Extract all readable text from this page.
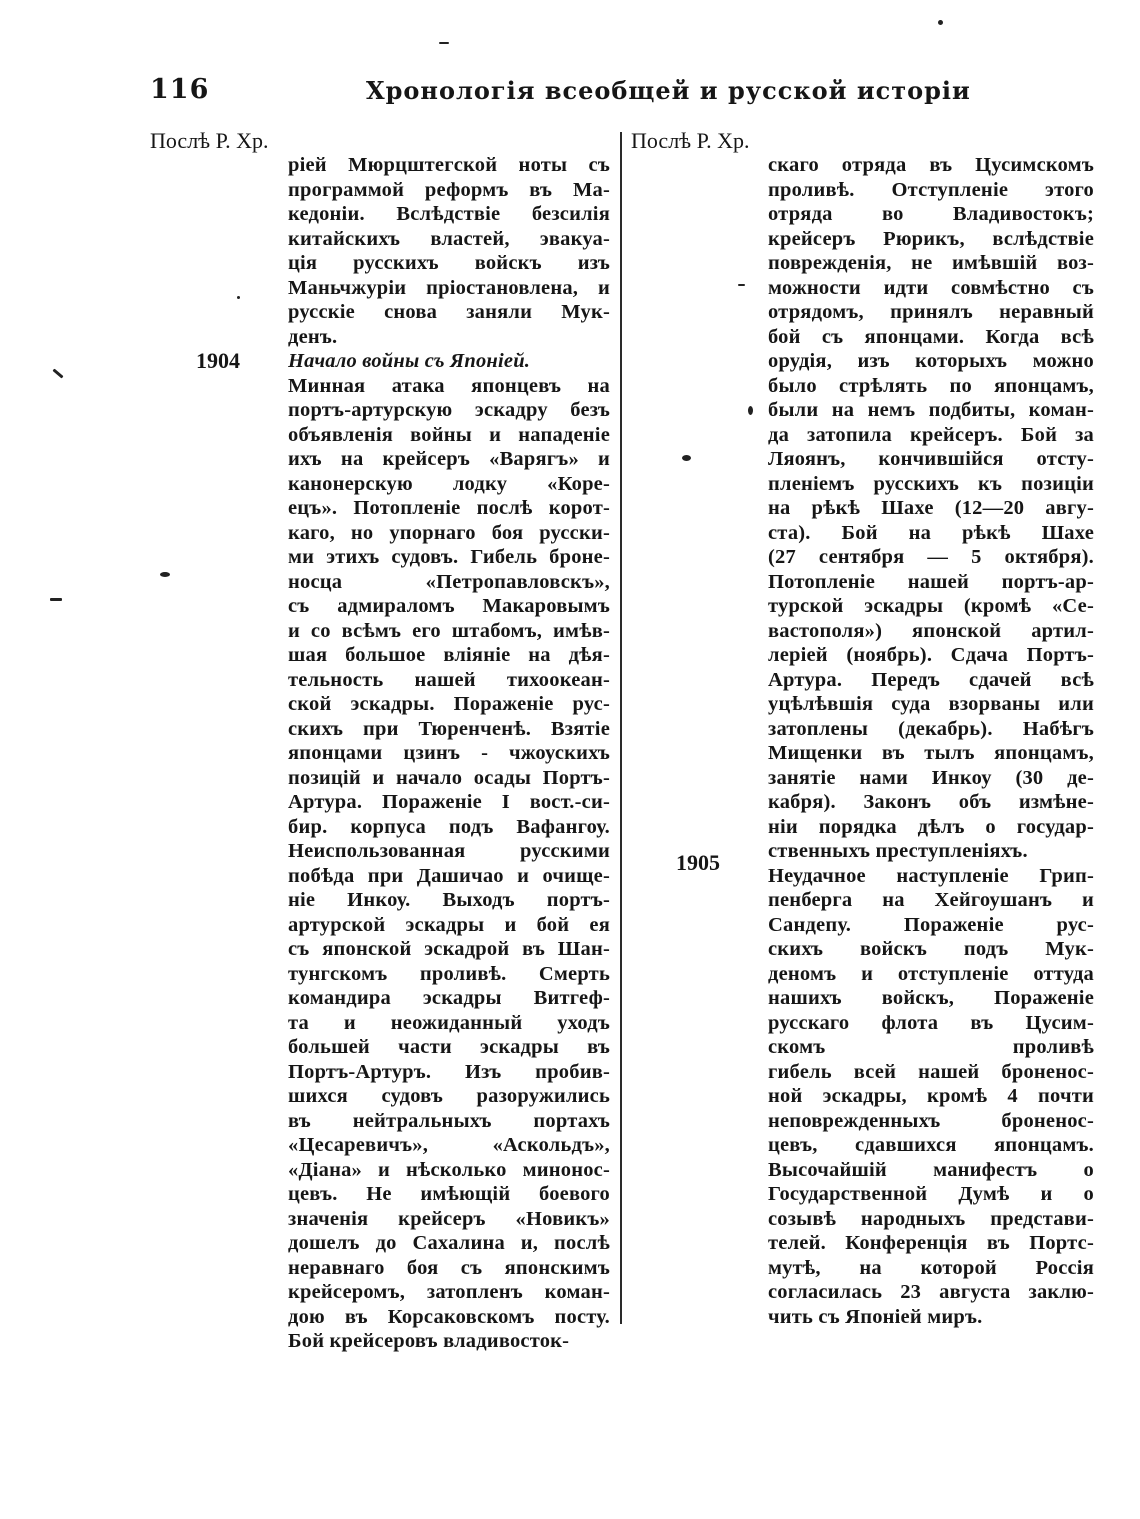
116	Хронологія всеобщей и русской исторіи
Послѣ Р. Хр.	Послѣ Р. Хр.
1904
1905
ріей Мюрцштегской ноты съ
программой реформъ въ Ма-
кедоніи. Вслѣдствіе безсилія
китайскихъ властей, эвакуа-
ція русскихъ войскъ изъ
Маньчжуріи пріостановлена, и
русскіе снова заняли Мук-
денъ.
Начало войны съ Японіей.
Минная атака японцевъ на
портъ-артурскую эскадру безъ
объявленія войны и нападеніе
ихъ на крейсеръ «Варягъ» и
канонерскую лодку «Коре-
ецъ». Потопленіе послѣ корот-
каго, но упорнаго боя русски-
ми этихъ судовъ. Гибель броне-
носца «Петропавловскъ»,
съ адмираломъ Макаровымъ
и со всѣмъ его штабомъ, имѣв-
шая большое вліяніе на дѣя-
тельность нашей тихоокеан-
ской эскадры. Пораженіе рус-
скихъ при Тюренченѣ. Взятіе
японцами цзинъ - чжоускихъ
позицій и начало осады Портъ-
Артура. Пораженіе I вост.-си-
бир. корпуса подъ Вафангоу.
Неиспользованная русскими
побѣда при Дашичао и очище-
ніе Инкоу. Выходъ портъ-
артурской эскадры и бой ея
съ японской эскадрой въ Шан-
тунгскомъ проливѣ. Смерть
командира эскадры Витгеф-
та и неожиданный уходъ
большей части эскадры въ
Портъ-Артуръ. Изъ пробив-
шихся судовъ разоружились
въ нейтральныхъ портахъ
«Цесаревичъ», «Аскольдъ»,
«Діана» и нѣсколько минонос-
цевъ. Не имѣющій боевого
значенія крейсеръ «Новикъ»
дошелъ до Сахалина и, послѣ
неравнаго боя съ японскимъ
крейсеромъ, затопленъ коман-
дою въ Корсаковскомъ посту.
Бой крейсеровъ владивосток-
скаго отряда въ Цусимскомъ
проливѣ. Отступленіе этого
отряда во Владивостокъ;
крейсеръ Рюрикъ, вслѣдствіе
поврежденія, не имѣвшій воз-
можности идти совмѣстно съ
отрядомъ, принялъ неравный
бой съ японцами. Когда всѣ
орудія, изъ которыхъ можно
было стрѣлять по японцамъ,
были на немъ подбиты, коман-
да затопила крейсеръ. Бой за
Ляоянъ, кончившійся отсту-
пленіемъ русскихъ къ позиціи
на рѣкѣ Шахе (12—20 авгу-
ста). Бой на рѣкѣ Шахе
(27 сентября — 5 октября).
Потопленіе нашей портъ-ар-
турской эскадры (кромѣ «Се-
вастополя») японской артил-
леріей (ноябрь). Сдача Портъ-
Артура. Передъ сдачей всѣ
уцѣлѣвшія суда взорваны или
затоплены (декабрь). Набѣгъ
Мищенки въ тылъ японцамъ,
занятіе нами Инкоу (30 де-
кабря). Законъ объ измѣне-
ніи порядка дѣлъ о государ-
ственныхъ преступленіяхъ.
Неудачное наступленіе Грип-
пенберга на Хейгоушанъ и
Сандепу. Пораженіе рус-
скихъ войскъ подъ Мук-
деномъ и отступленіе оттуда
нашихъ войскъ, Пораженіе
русскаго флота въ Цусим-
скомъ проливѣ
гибель всей нашей броненос-
ной эскадры, кромѣ 4 почти
неповрежденныхъ броненос-
цевъ, сдавшихся японцамъ.
Высочайшій манифестъ о
Государственной Думѣ и о
созывѣ народныхъ представи-
телей. Конференція въ Портс-
мутѣ, на которой Россія
согласилась 23 августа заклю-
чить съ Японіей миръ.
